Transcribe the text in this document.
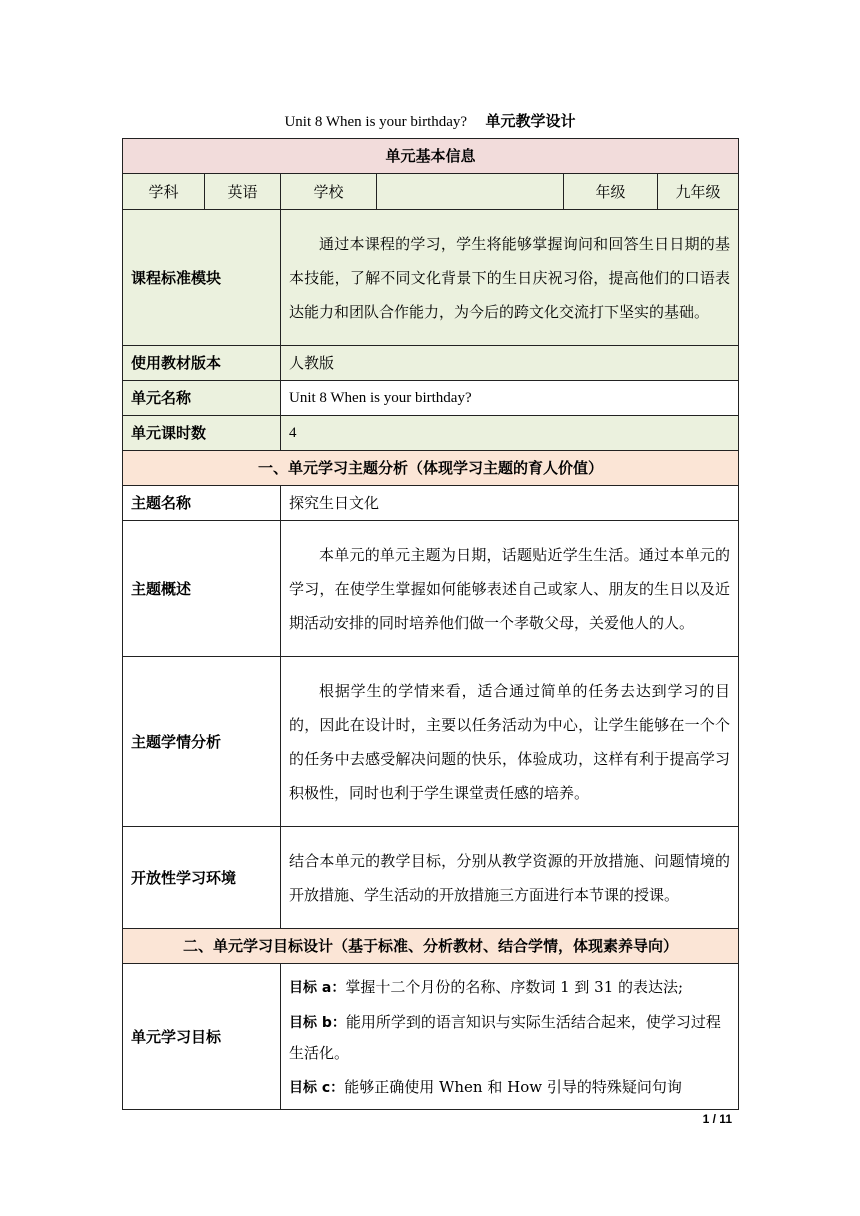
Unit 8 When is your birthday? 单元教学设计
单元基本信息					
学科	英语	学校		年级	九年级
课程标准模块		通过本课程的学习，学生将能够掌握询问和回答生日日期的基本技能，了解不同文化背景下的生日庆祝习俗，提高他们的口语表达能力和团队合作能力，为今后的跨文化交流打下坚实的基础。			
使用教材版本		人教版			
单元名称		Unit 8 When is your birthday?			
单元课时数		4			
一、单元学习主题分析（体现学习主题的育人价值）					
主题名称		探究生日文化			
主题概述		本单元的单元主题为日期，话题贴近学生生活。通过本单元的学习，在使学生掌握如何能够表述自己或家人、朋友的生日以及近期活动安排的同时培养他们做一个孝敬父母，关爱他人的人。			
主题学情分析		根据学生的学情来看，适合通过简单的任务去达到学习的目的，因此在设计时，主要以任务活动为中心，让学生能够在一个个的任务中去感受解决问题的快乐，体验成功，这样有利于提高学习积极性，同时也利于学生课堂责任感的培养。			
开放性学习环境		结合本单元的教学目标，分别从教学资源的开放措施、问题情境的开放措施、学生活动的开放措施三方面进行本节课的授课。			
二、单元学习目标设计（基于标准、分析教材、结合学情，体现素养导向）					
单元学习目标		目标 a：掌握十二个月份的名称、序数词 1 到 31 的表达法;
目标 b：能用所学到的语言知识与实际生活结合起来，使学习过程生活化。
目标 c：能够正确使用 When 和 How 引导的特殊疑问句询			
1 / 11
